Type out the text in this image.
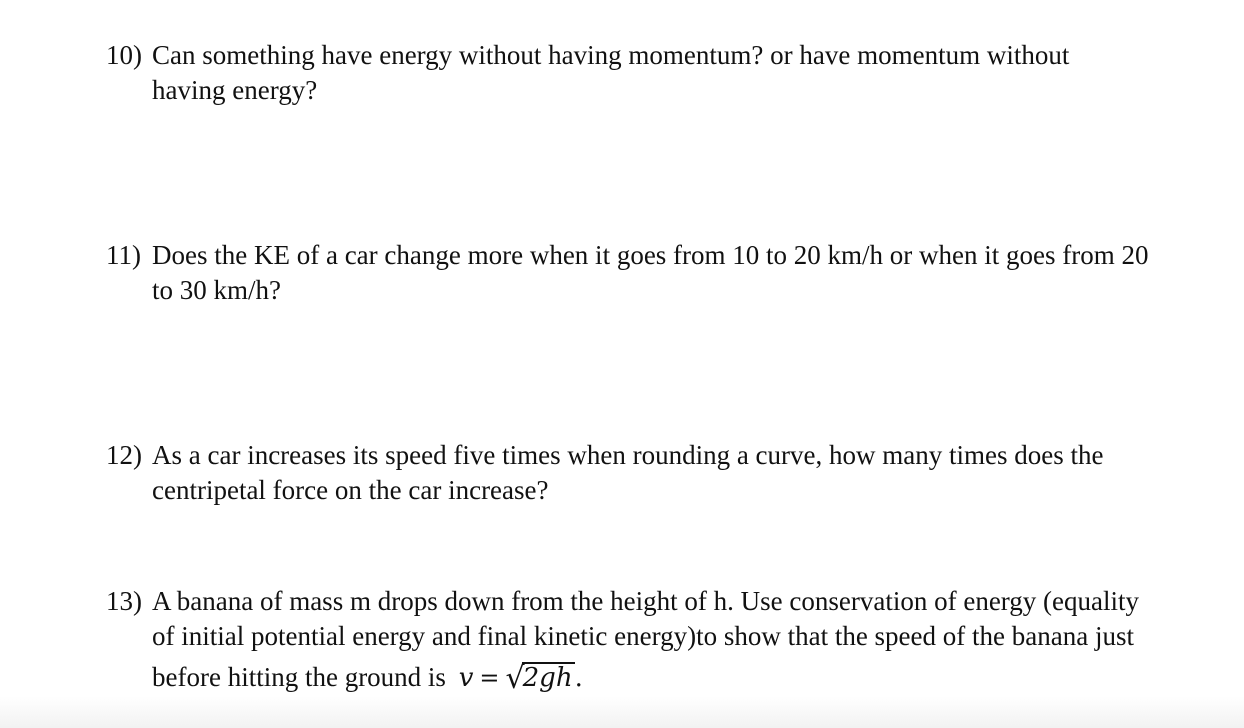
10) Can something have energy without having momentum? or have momentum without
having energy?
11) Does the KE of a car change more when it goes from 10 to 20 km/h or when it goes from 20
to 30 km/h?
12) As a car increases its speed five times when rounding a curve, how many times does the
centripetal force on the car increase?
13) A banana of mass m drops down from the height of h. Use conservation of energy (equality
of initial potential energy and final kinetic energy)to show that the speed of the banana just
before hitting the ground is v = √2gh.
